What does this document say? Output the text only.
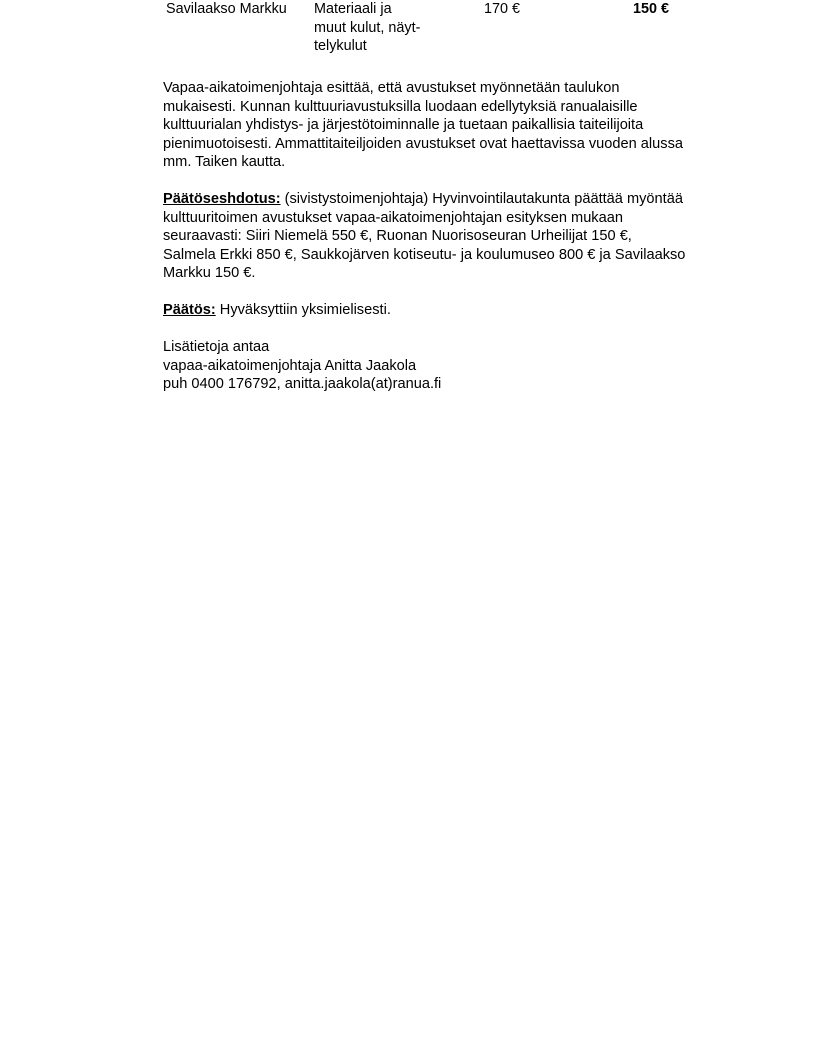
Savilaakso Markku	Materiaali ja
muut kulut, näyt-
telykulut
170 €	150 €

Vapaa-aikatoimenjohtaja esittää, että avustukset myönnetään taulukon
mukaisesti. Kunnan kulttuuriavustuksilla luodaan edellytyksiä ranualaisille
kulttuurialan yhdistys- ja järjestötoiminnalle ja tuetaan paikallisia taiteilijoita
pienimuotoisesti. Ammattitaiteiljoiden avustukset ovat haettavissa vuoden alussa
mm. Taiken kautta.

Päätöseshdotus: (sivistystoimenjohtaja) Hyvinvointilautakunta päättää myöntää
kulttuuritoimen avustukset vapaa-aikatoimenjohtajan esityksen mukaan
seuraavasti: Siiri Niemelä 550 €, Ruonan Nuorisoseuran Urheilijat 150 €,
Salmela Erkki 850 €, Saukkojärven kotiseutu- ja koulumuseo 800 € ja Savilaakso
Markku 150 €.

Päätös: Hyväksyttiin yksimielisesti.

Lisätietoja antaa
vapaa-aikatoimenjohtaja Anitta Jaakola
puh 0400 176792, anitta.jaakola(at)ranua.fi
